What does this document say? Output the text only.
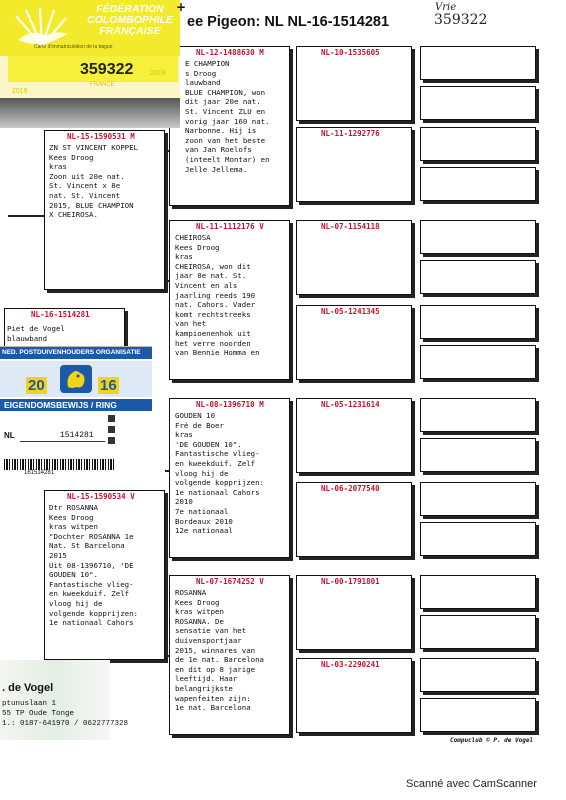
ee Pigeon: NL NL-16-1514281
Vrie
359322
NL-12-1488630 M
E CHAMPION
s Droog
lauwband
BLUE CHAMPION, won
dit jaar 20e nat.
St. Vincent ZLU en
vorig jaar 160 nat.
Narbonne. Hij is
zoon van het beste
van Jan Roelofs
(inteelt Montar) en
Jelle Jellema.
NL-11-1112176 V
CHEIROSA
Kees Droog
kras
CHEIROSA, won dit
jaar 8e nat. St.
Vincent en als
jaarling reeds 190
nat. Cahors. Vader
komt rechtstreeks
van het
kampioenenhok uit
het verre noorden
van Bennie Homma en
NL-08-1396710 M
GOUDEN 10
Fré de Boer
kras
'DE GOUDEN 10".
Fantastische vlieg-
en kweekduif. Zelf
vloog hij de
volgende kopprijzen:
1e nationaal Cahors
2010
7e nationaal
Bordeaux 2010
12e nationaal
NL-07-1674252 V
ROSANNA
Kees Droog
kras witpen
ROSANNA. De
sensatie van het
duivensportjaar
2015, winnares van
de 1e nat. Barcelona
en dit op 8 jarige
leeftijd. Haar
belangrijkste
wapenfeiten zijn:
1e nat. Barcelona
NL-10-1535605
NL-11-1292776
NL-07-1154118
NL-05-1241345
NL-05-1231614
NL-06-2077540
NL-00-1791801
NL-03-2290241
NL-15-1590531 M
ZN ST VINCENT KOPPEL
Kees Droog
kras
Zoon uit 20e nat.
St. Vincent x 8e
nat. St. Vincent
2015, BLUE CHAMPION
X CHEIROSA.
NL-16-1514281
Piet de Vogel
blauwband
NL-15-1590534 V
Dtr ROSANNA
Kees Droog
kras witpen
"Dochter ROSANNA 1e
Nat. St Barcelona
2015
Uit 08-1396710, 'DE
GOUDEN 10".
Fantastische vlieg-
en kweekduif. Zelf
vloog hij de
volgende kopprijzen:
1e nationaal Cahors
FÉDÉRATION
COLOMBOPHILE
FRANÇAISE
Carte d'immatriculation de la bague
359322
2019
FRANCE
2019
+
NED. POSTDUIVENHOUDERS ORGANISATIE
20	16
EIGENDOMSBEWIJS / RING
NL	1514281
161514281
. de Vogel
ptunuslaan 1
55 TP Oude Tonge
1.: 0187-641970 / 0622777328
Compuclub © P. de Vogel
Scanné avec CamScanner
